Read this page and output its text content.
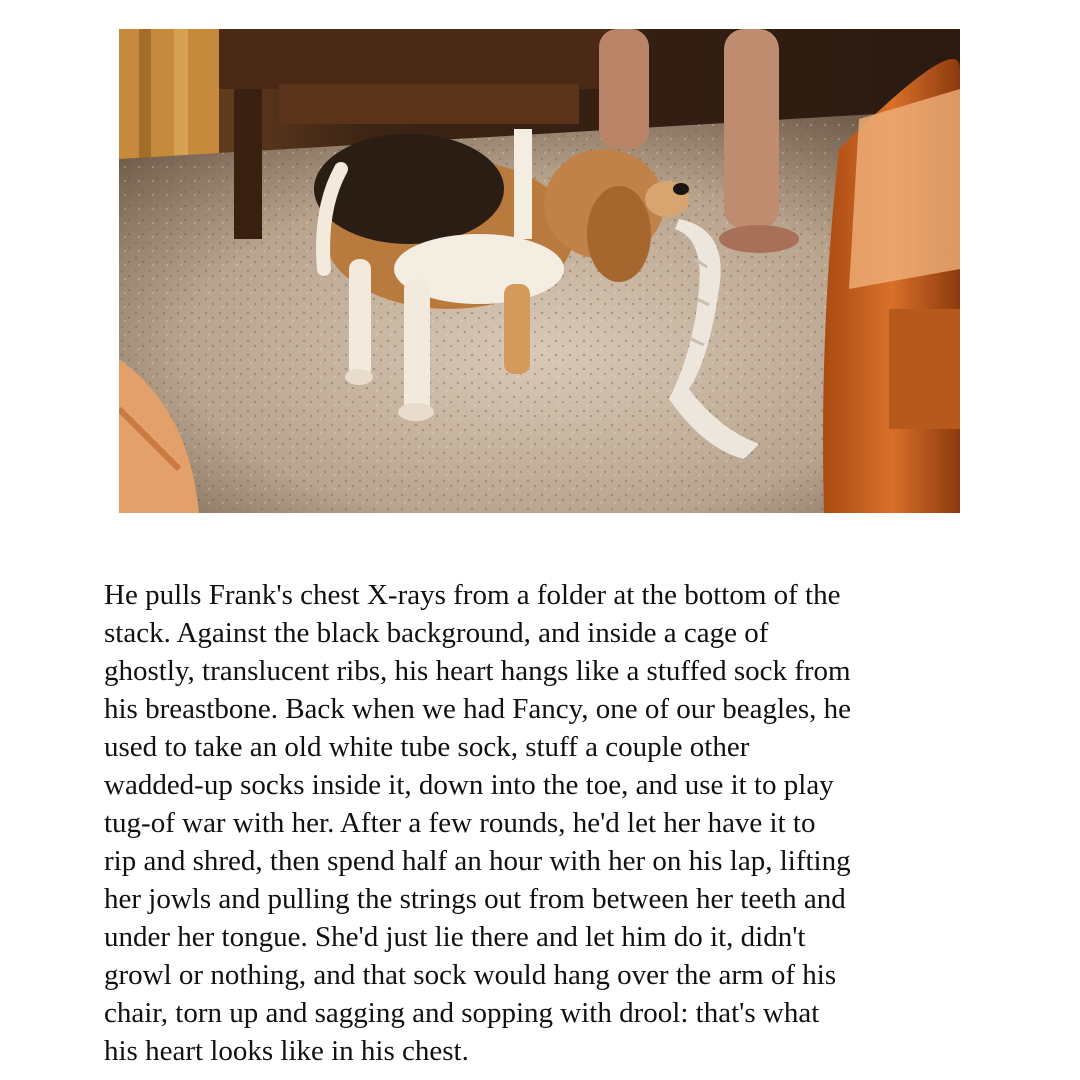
He pulls Frank's chest X-rays from a folder at the bottom of the
stack. Against the black background, and inside a cage of
ghostly, translucent ribs, his heart hangs like a stuffed sock from
his breastbone. Back when we had Fancy, one of our beagles, he
used to take an old white tube sock, stuff a couple other
wadded-up socks inside it, down into the toe, and use it to play
tug-of war with her. After a few rounds, he'd let her have it to
rip and shred, then spend half an hour with her on his lap, lifting
her jowls and pulling the strings out from between her teeth and
under her tongue. She'd just lie there and let him do it, didn't
growl or nothing, and that sock would hang over the arm of his
chair, torn up and sagging and sopping with drool: that's what
his heart looks like in his chest.
